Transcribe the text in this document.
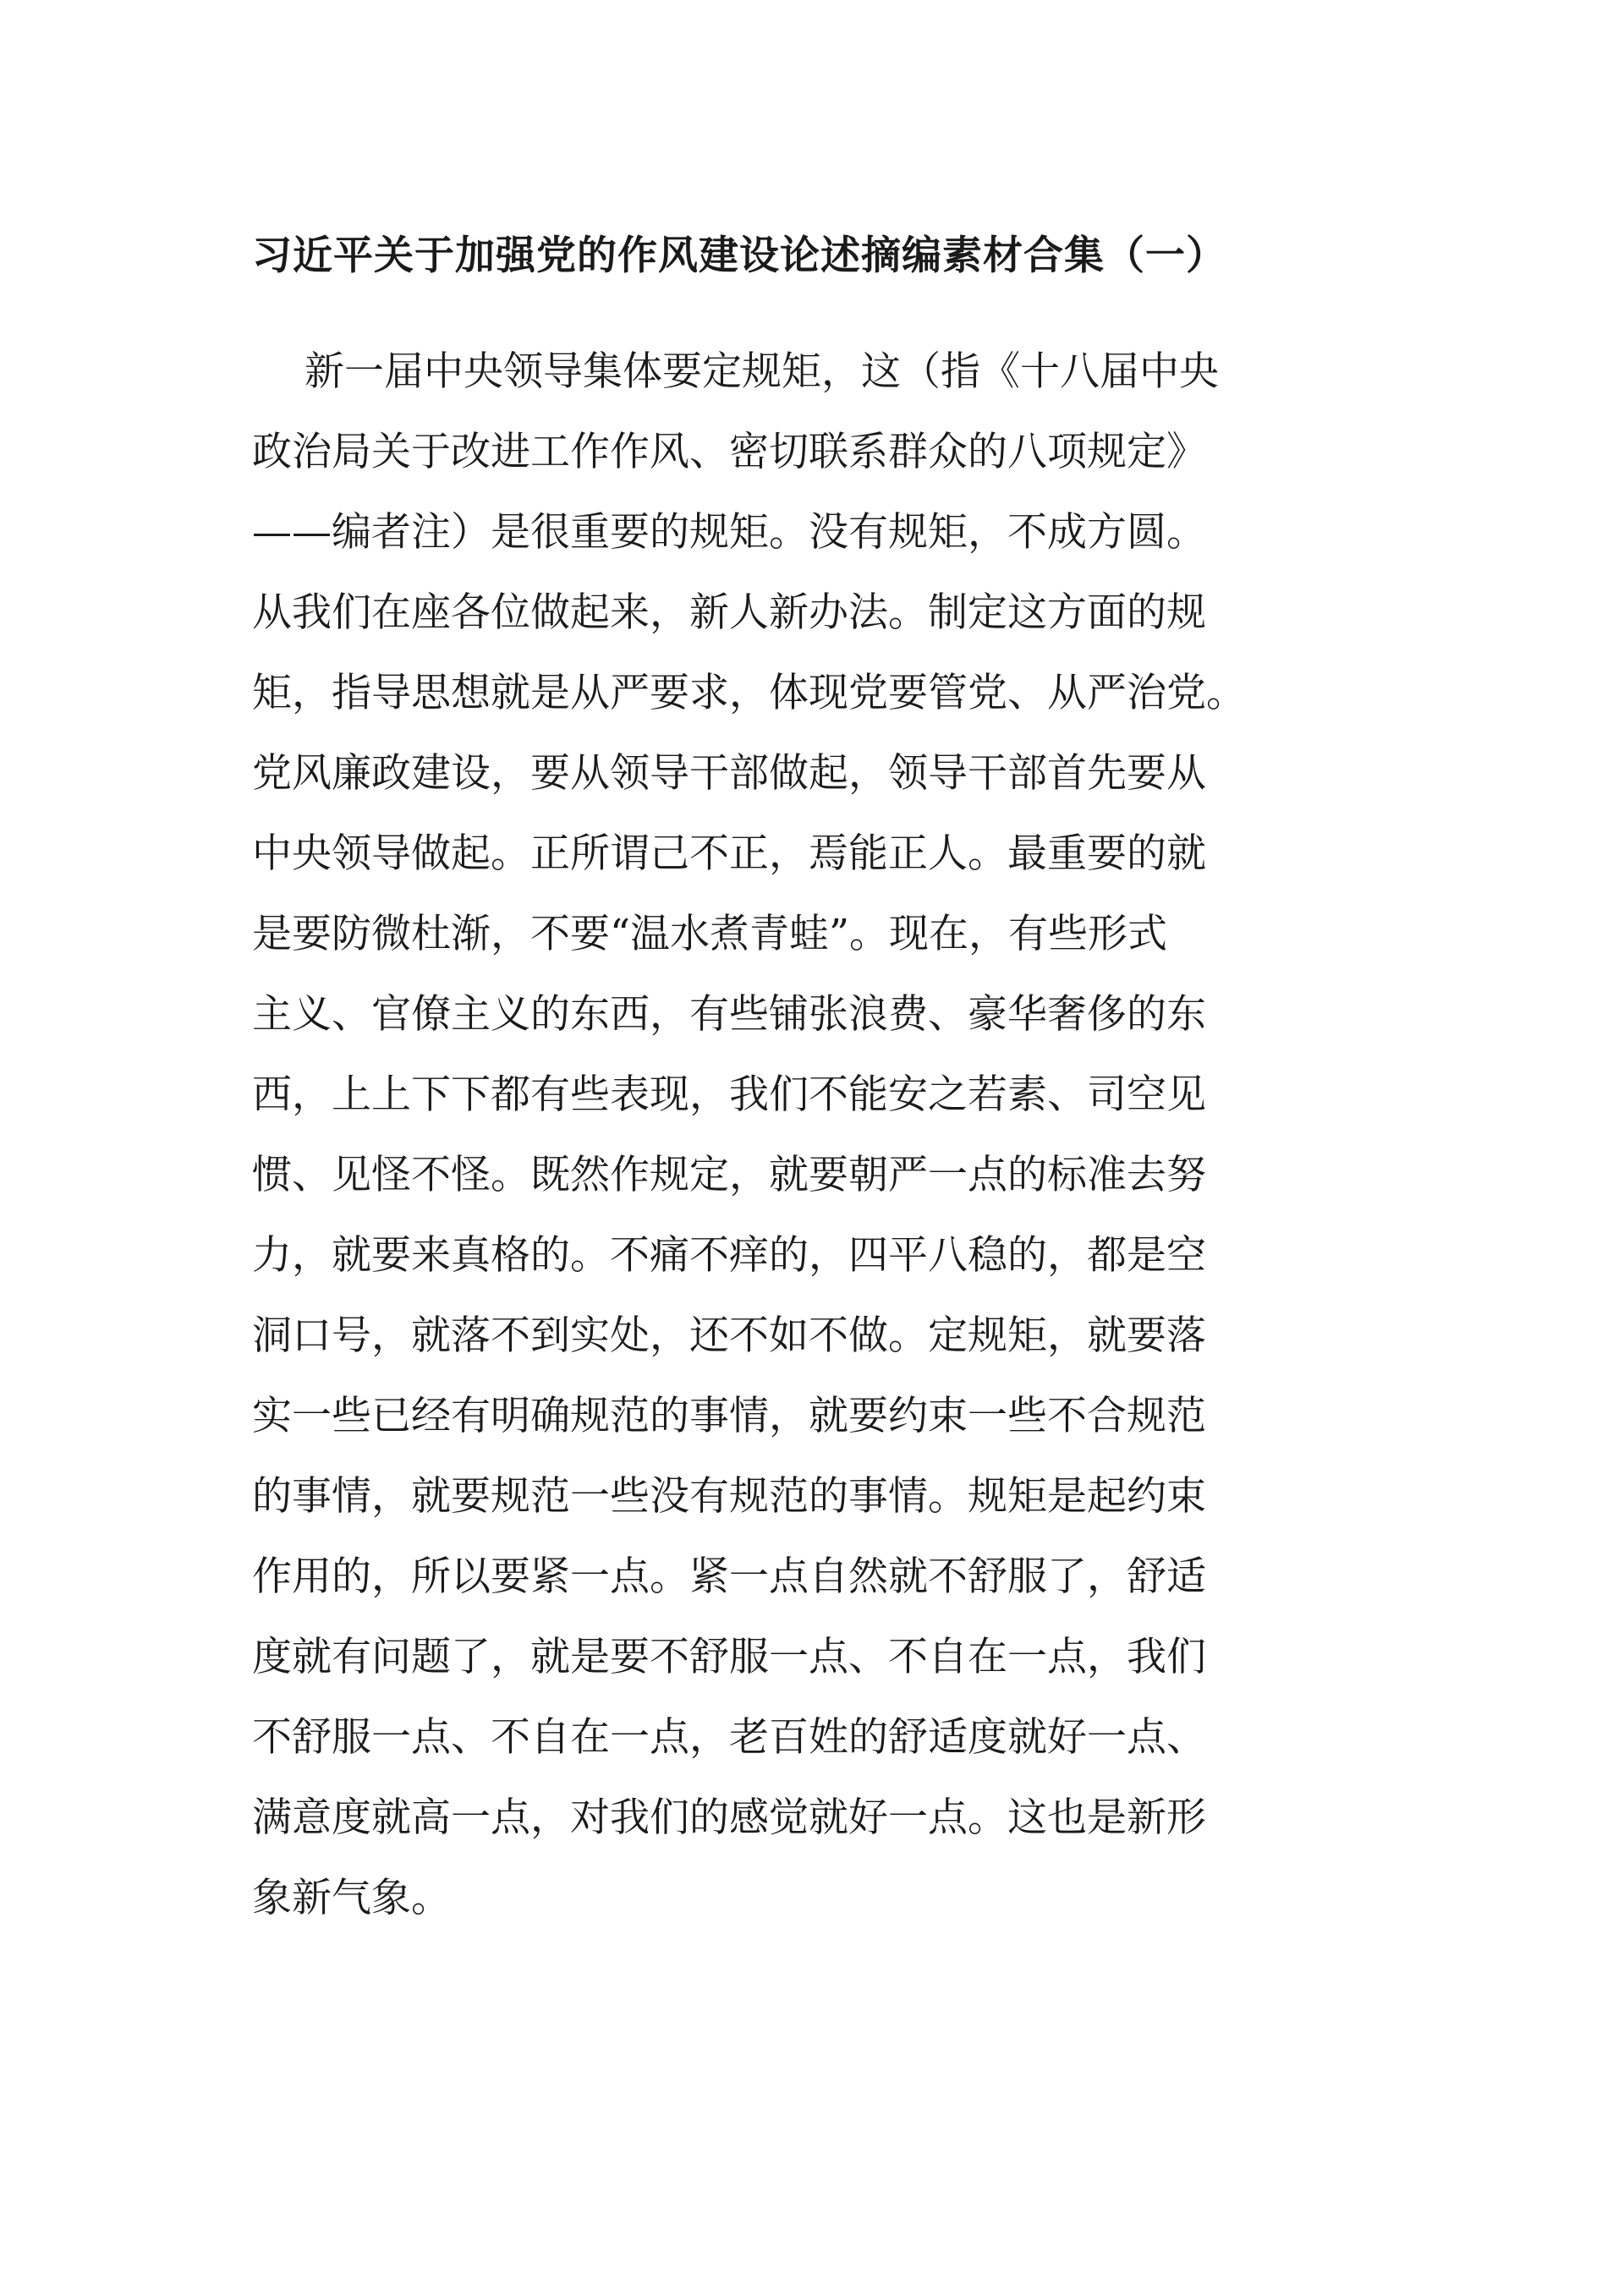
习近平关于加强党的作风建设论述摘编素材合集（一）

新一届中央领导集体要定规矩，这（指《十八届中央

政治局关于改进工作作风、密切联系群众的八项规定》

——编者注）是很重要的规矩。没有规矩，不成方圆。

从我们在座各位做起来，新人新办法。制定这方面的规

矩，指导思想就是从严要求，体现党要管党、从严治党。

党风廉政建设，要从领导干部做起，领导干部首先要从

中央领导做起。正所谓己不正，焉能正人。最重要的就

是要防微杜渐，不要“温水煮青蛙”。现在，有些形式

主义、官僚主义的东西，有些铺张浪费、豪华奢侈的东

西，上上下下都有些表现，我们不能安之若素、司空见

惯、见怪不怪。既然作规定，就要朝严一点的标准去努

力，就要来真格的。不痛不痒的，四平八稳的，都是空

洞口号，就落不到实处，还不如不做。定规矩，就要落

实一些已经有明确规范的事情，就要约束一些不合规范

的事情，就要规范一些没有规范的事情。规矩是起约束

作用的，所以要紧一点。紧一点自然就不舒服了，舒适

度就有问题了，就是要不舒服一点、不自在一点，我们

不舒服一点、不自在一点，老百姓的舒适度就好一点、

满意度就高一点，对我们的感觉就好一点。这也是新形

象新气象。
